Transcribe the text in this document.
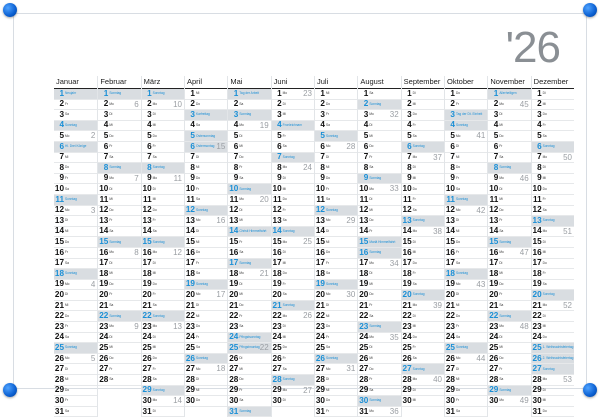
'26
Januar
1 Neujahr
2 Fr
3 Sa
4 Sonntag
5 Mo	2
6 Hl. Drei Könige
7 Mi
8 Do
9 Fr
10 Sa
11 Sonntag
12 Mo	3
13 Di
14 Mi
15 Do
16 Fr
17 Sa
18 Sonntag
19 Mo	4
20 Di
21 Mi
22 Do
23 Fr
24 Sa
25 Sonntag
26 Mo	5
27 Di
28 Mi
29 Do
30 Fr
31 Sa
Februar
1 Sonntag
2 Mo	6
3 Di
4 Mi
5 Do
6 Fr
7 Sa
8 Sonntag
9 Mo	7
10 Di
11 Mi
12 Do
13 Fr
14 Sa
15 Sonntag
16 Mo	8
17 Di
18 Mi
19 Do
20 Fr
21 Sa
22 Sonntag
23 Mo	9
24 Di
25 Mi
26 Do
27 Fr
28 Sa
März
1 Sonntag
2 Mo 10
3 Di
4 Mi
5 Do
6 Fr
7 Sa
8 Sonntag
9 Mo 11
10 Di
11 Mi
12 Do
13 Fr
14 Sa
15 Sonntag
16 Mo 12
17 Di
18 Mi
19 Do
20 Fr
21 Sa
22 Sonntag
23 Mo 13
24 Di
25 Mi
26 Do
27 Fr
28 Sa
29 Sonntag
30 Mo 14
31 Di
April
1 Mi
2 Do
3 Karfreitag
4 Sa
5 Ostersonntag
6 Ostermontag 15
7 Di
8 Mi
9 Do
10 Fr
11 Sa
12 Sonntag
13 Mo 16
14 Di
15 Mi
16 Do
17 Fr
18 Sa
19 Sonntag
20 Mo 17
21 Di
22 Mi
23 Do
24 Fr
25 Sa
26 Sonntag
27 Mo 18
28 Di
29 Mi
30 Do
Mai
1 Tag der Arbeit
2 Sa
3 Sonntag
4 Mo 19
5 Di
6 Mi
7 Do
8 Fr
9 Sa
10 Sonntag
11 Mo 20
12 Di
13 Mi
14 Christi Himmelfahrt
15 Fr
16 Sa
17 Sonntag
18 Mo 21
19 Di
20 Mi
21 Do
22 Fr
23 Sa
24 Pfingstsonntag
25 Pfingstmontag 22
26 Di
27 Mi
28 Do
29 Fr
30 Sa
31 Sonntag
Juni
1 Mo 23
2 Di
3 Mi
4 Fronleichnam
5 Fr
6 Sa
7 Sonntag
8 Mo 24
9 Di
10 Mi
11 Do
12 Fr
13 Sa
14 Sonntag
15 Mo 25
16 Di
17 Mi
18 Do
19 Fr
20 Sa
21 Sonntag
22 Mo 26
23 Di
24 Mi
25 Do
26 Fr
27 Sa
28 Sonntag
29 Mo 27
30 Di
Juli
1 Mi
2 Do
3 Fr
4 Sa
5 Sonntag
6 Mo 28
7 Di
8 Mi
9 Do
10 Fr
11 Sa
12 Sonntag
13 Mo 29
14 Di
15 Mi
16 Do
17 Fr
18 Sa
19 Sonntag
20 Mo 30
21 Di
22 Mi
23 Do
24 Fr
25 Sa
26 Sonntag
27 Mo 31
28 Di
29 Mi
30 Do
31 Fr
August
1 Sa
2 Sonntag
3 Mo 32
4 Di
5 Mi
6 Do
7 Fr
8 Sa
9 Sonntag
10 Mo 33
11 Di
12 Mi
13 Do
14 Fr
15 Mariä Himmelfahrt
16 Sonntag
17 Mo 34
18 Di
19 Mi
20 Do
21 Fr
22 Sa
23 Sonntag
24 Mo 35
25 Di
26 Mi
27 Do
28 Fr
29 Sa
30 Sonntag
31 Mo 36
September
1 Di
2 Mi
3 Do
4 Fr
5 Sa
6 Sonntag
7 Mo 37
8 Di
9 Mi
10 Do
11 Fr
12 Sa
13 Sonntag
14 Mo 38
15 Di
16 Mi
17 Do
18 Fr
19 Sa
20 Sonntag
21 Mo 39
22 Di
23 Mi
24 Do
25 Fr
26 Sa
27 Sonntag
28 Mo 40
29 Di
30 Mi
Oktober
1 Do
2 Fr
3 Tag der Dt. Einheit
4 Sonntag
5 Mo 41
6 Di
7 Mi
8 Do
9 Fr
10 Sa
11 Sonntag
12 Mo 42
13 Di
14 Mi
15 Do
16 Fr
17 Sa
18 Sonntag
19 Mo 43
20 Di
21 Mi
22 Do
23 Fr
24 Sa
25 Sonntag
26 Mo 44
27 Di
28 Mi
29 Do
30 Fr
31 Sa
November
1 Allerheiligen
2 Mo 45
3 Di
4 Mi
5 Do
6 Fr
7 Sa
8 Sonntag
9 Mo 46
10 Di
11 Mi
12 Do
13 Fr
14 Sa
15 Sonntag
16 Mo 47
17 Di
18 Mi
19 Do
20 Fr
21 Sa
22 Sonntag
23 Mo 48
24 Di
25 Mi
26 Do
27 Fr
28 Sa
29 Sonntag
30 Mo 49
Dezember
1 Di
2 Mi
3 Do
4 Fr
5 Sa
6 Sonntag
7 Mo 50
8 Di
9 Mi
10 Do
11 Fr
12 Sa
13 Sonntag
14 Mo 51
15 Di
16 Mi
17 Do
18 Fr
19 Sa
20 Sonntag
21 Mo 52
22 Di
23 Mi
24 Do
25 1. Weihnachtsfeiertag
26 2. Weihnachtsfeiertag
27 Sonntag
28 Mo 53
29 Di
30 Mi
31 Do
